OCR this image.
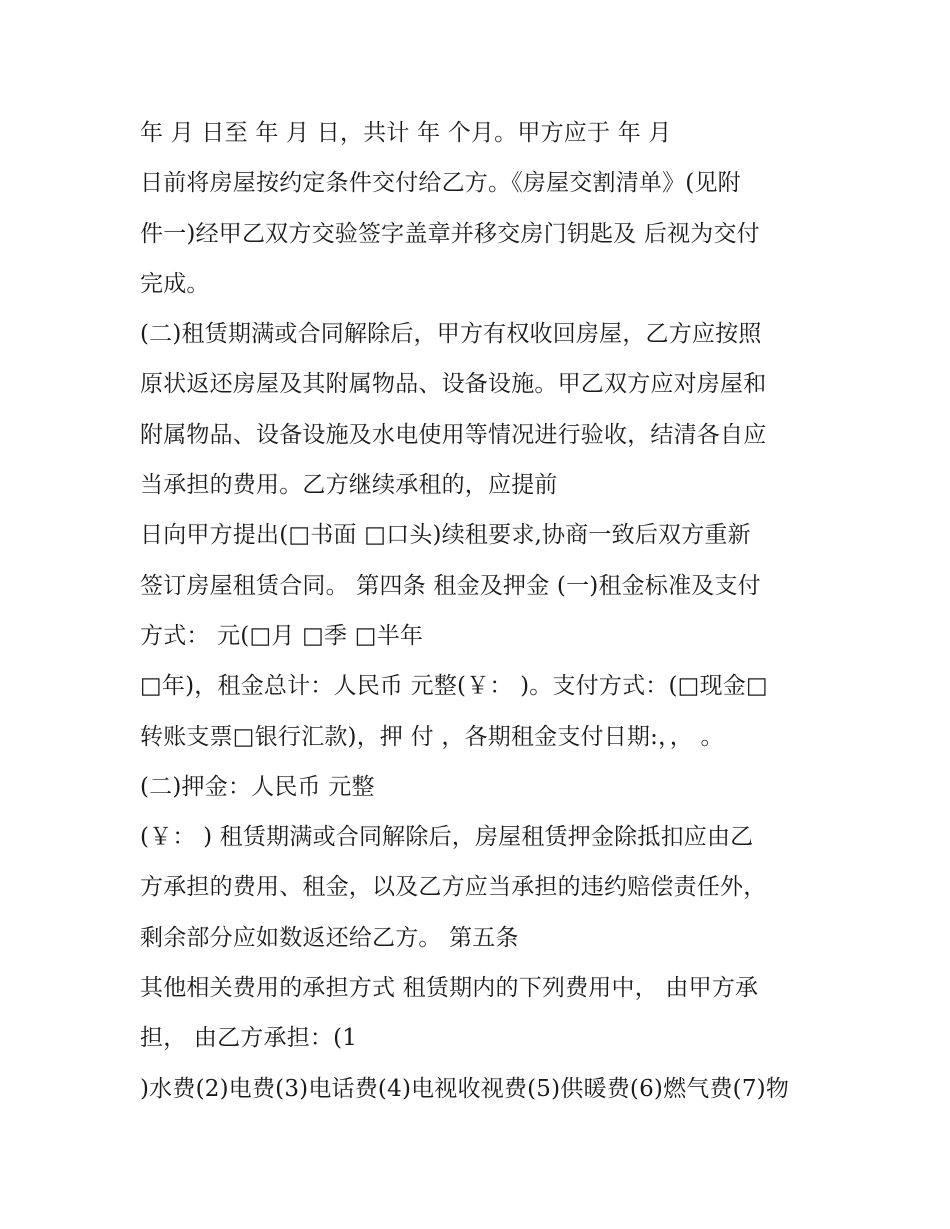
年 月 日至 年 月 日，共计 年 个月。甲方应于 年 月
日前将房屋按约定条件交付给乙方。《房屋交割清单》(见附
件一)经甲乙双方交验签字盖章并移交房门钥匙及 后视为交付
完成。
(二)租赁期满或合同解除后，甲方有权收回房屋，乙方应按照
原状返还房屋及其附属物品、设备设施。甲乙双方应对房屋和
附属物品、设备设施及水电使用等情况进行验收，结清各自应
当承担的费用。乙方继续承租的，应提前
日向甲方提出(□书面 □口头)续租要求,协商一致后双方重新
签订房屋租赁合同。 第四条 租金及押金 (一)租金标准及支付
方式： 元(□月 □季 □半年
□年)，租金总计：人民币 元整(￥： )。支付方式：(□现金□
转账支票□银行汇款)，押 付 ，各期租金支付日期:，， 。
(二)押金：人民币 元整
(￥： ) 租赁期满或合同解除后，房屋租赁押金除抵扣应由乙
方承担的费用、租金，以及乙方应当承担的违约赔偿责任外，
剩余部分应如数返还给乙方。 第五条
其他相关费用的承担方式 租赁期内的下列费用中， 由甲方承
担， 由乙方承担：(1
)水费(2)电费(3)电话费(4)电视收视费(5)供暖费(6)燃气费(7)物
